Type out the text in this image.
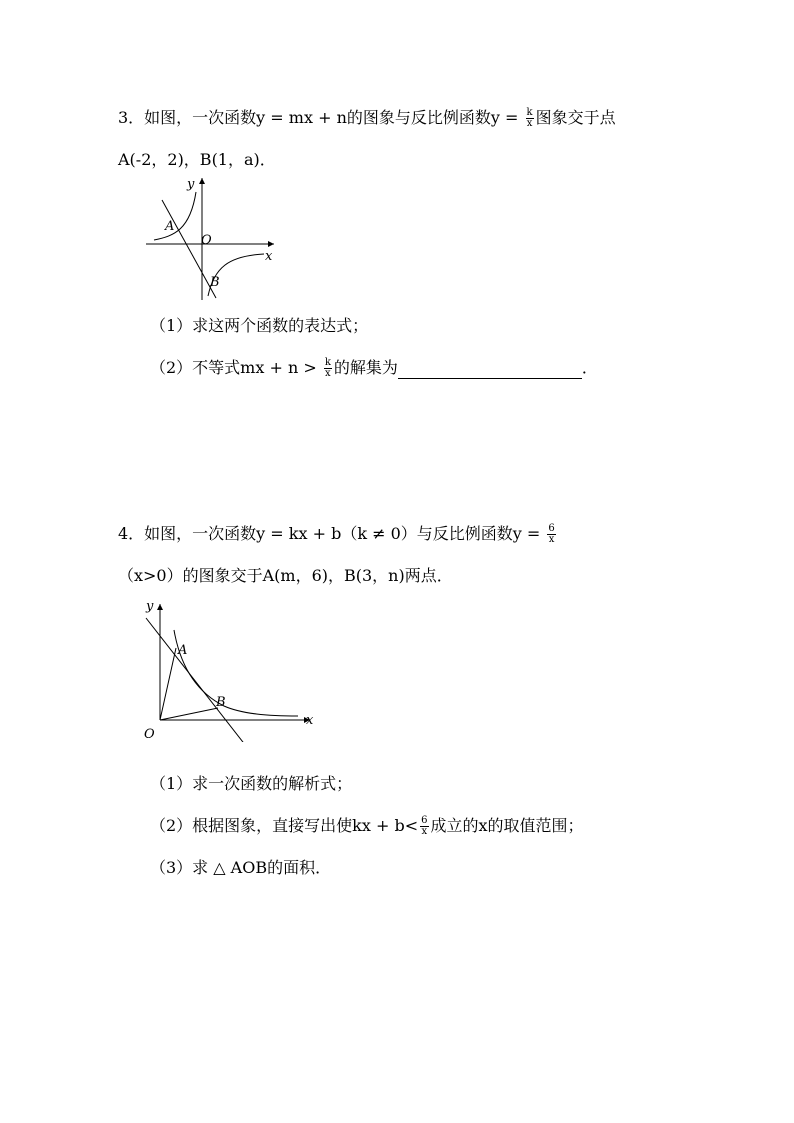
3．如图，一次函数y = mx + n的图象与反比例函数$y = \frac{k}{x}$ 图象交于点
A(-2，2)，B(1，a)．
y
x
O
A
B
（1）求这两个函数的表达式；
（2）不等式mx + $n > \frac{k}{x}$ 的解集为	．
4．如图，一次函数y = kx + b（k ≠ 0）与反比例函数$y = \frac{6}{x}$
（x>0）的图象交于A(m，6)，B(3，n)两点．
y
x
O
A
B
（1）求一次函数的解析式；
（2）根据图象，直接写出使kx + $b< \frac{6}{x}$ 成立的x的取值范围；
（3）求 △ AOB的面积．
